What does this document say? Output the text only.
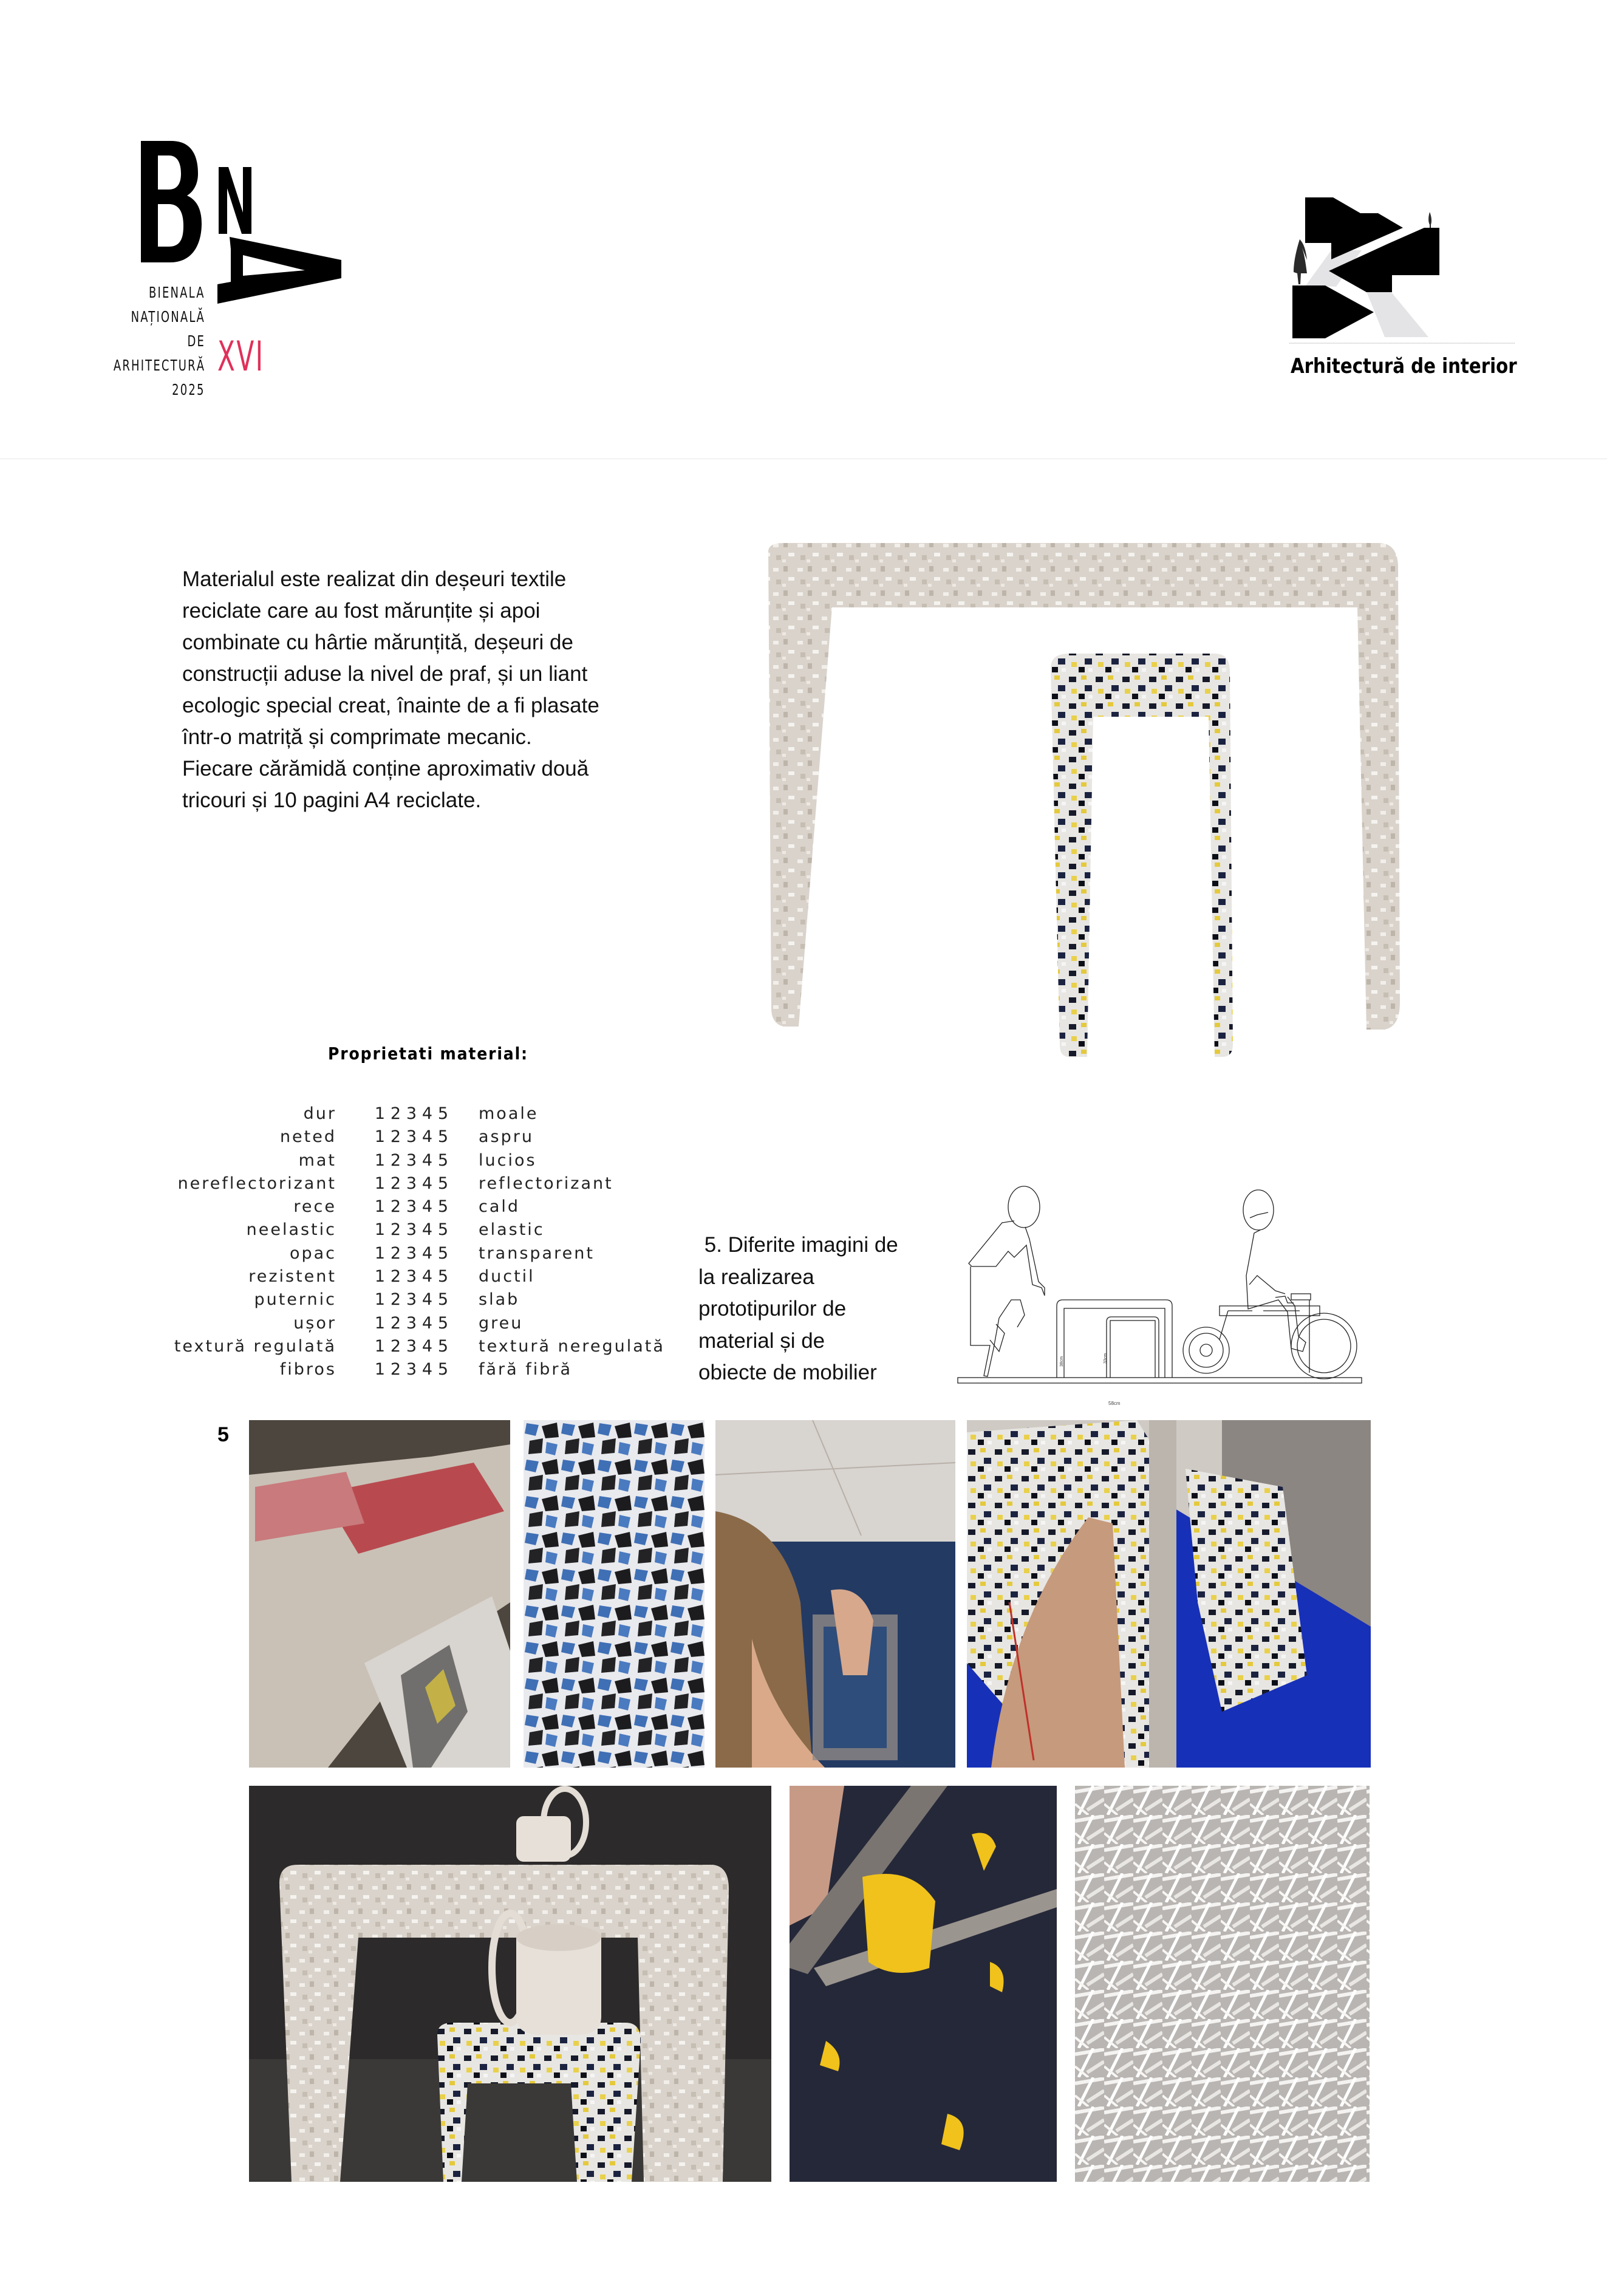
BIENALA
NAȚIONALĂ
DE
ARHITECTURĂ
2025
XVI	Arhitectură de interior
Materialul este realizat din deșeuri textile
reciclate care au fost mărunțite și apoi
combinate cu hârtie mărunțită, deșeuri de
construcții aduse la nivel de praf, și un liant
ecologic special creat, înainte de a fi plasate
într-o matriță și comprimate mecanic.
Fiecare cărămidă conține aproximativ două
tricouri și 10 pagini A4 reciclate.
Proprietati material:
dur 1 2 3 4 5 moale
neted 1 2 3 4 5 aspru
mat 1 2 3 4 5 lucios
nereflectorizant 1 2 3 4 5 reflectorizant
rece 1 2 3 4 5 cald
neelastic 1 2 3 4 5 elastic
opac 1 2 3 4 5 transparent
rezistent 1 2 3 4 5 ductil
puternic 1 2 3 4 5 slab
ușor 1 2 3 4 5 greu
textură regulată 1 2 3 4 5 textură neregulată
fibros 1 2 3 4 5 fără fibră
5. Diferite imagini de
la realizarea
prototipurilor de
material și de
obiecte de mobilier	38cm	33cm
58cm
5
